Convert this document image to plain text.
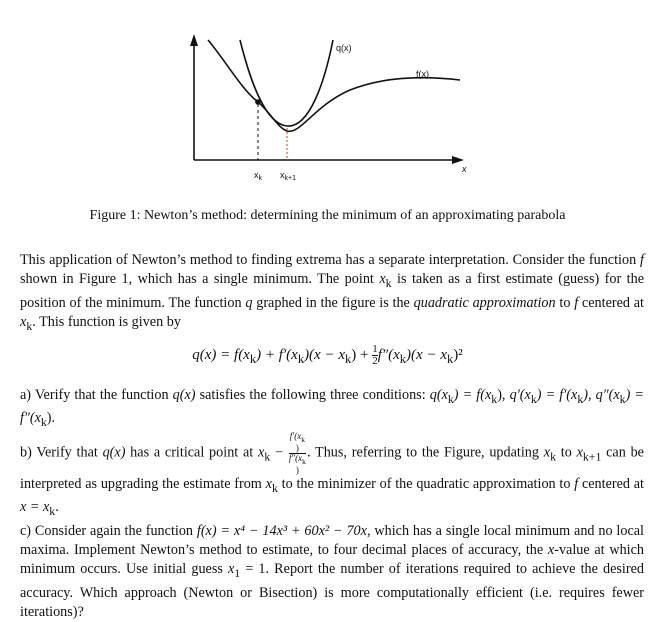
q(x)
f(x)
x
$x_k$ $x_{k+1}$
Figure 1: Newton’s method: determining the minimum of an approximating parabola
This application of Newton’s method to finding extrema has a separate interpretation. Consider the function f shown in Figure 1, which has a single minimum. The point $x_k$ is taken as a first estimate (guess) for the position of the minimum. The function q graphed in the figure is the quadratic approximation to f centered at $x_k$. This function is given by
$q(x) = f(x_k) + f'(x_k)(x - x_k) + \frac{1}{2} f''(x_k)(x - x_k)^2$

a) Verify that the function q(x) satisfies the following three conditions: $q(x_k) = f(x_k)$, $q'(x_k) = f'(x_k)$, $q''(x_k) = f''(x_k)$.

b) Verify that q(x) has a critical point at $x_k - f'(x_k$
)
$f''(x_k$
) . Thus, referring to the Figure, updating $x_k$ to $x_{k+1}$ can be interpreted as upgrading the estimate from $x_k$ to the minimizer of the quadratic approximation to f centered at $x = x_k$.

c) Consider again the function f(x) = x⁴ − 14x³ + 60x² − 70x, which has a single local minimum and no local maxima. Implement Newton’s method to estimate, to four decimal places of accuracy, the x-value at which minimum occurs. Use initial guess $x_1 = 1$. Report the number of iterations required to achieve the desired accuracy. Which approach (Newton or Bisection) is more computationally efficient (i.e. requires fewer iterations)?
